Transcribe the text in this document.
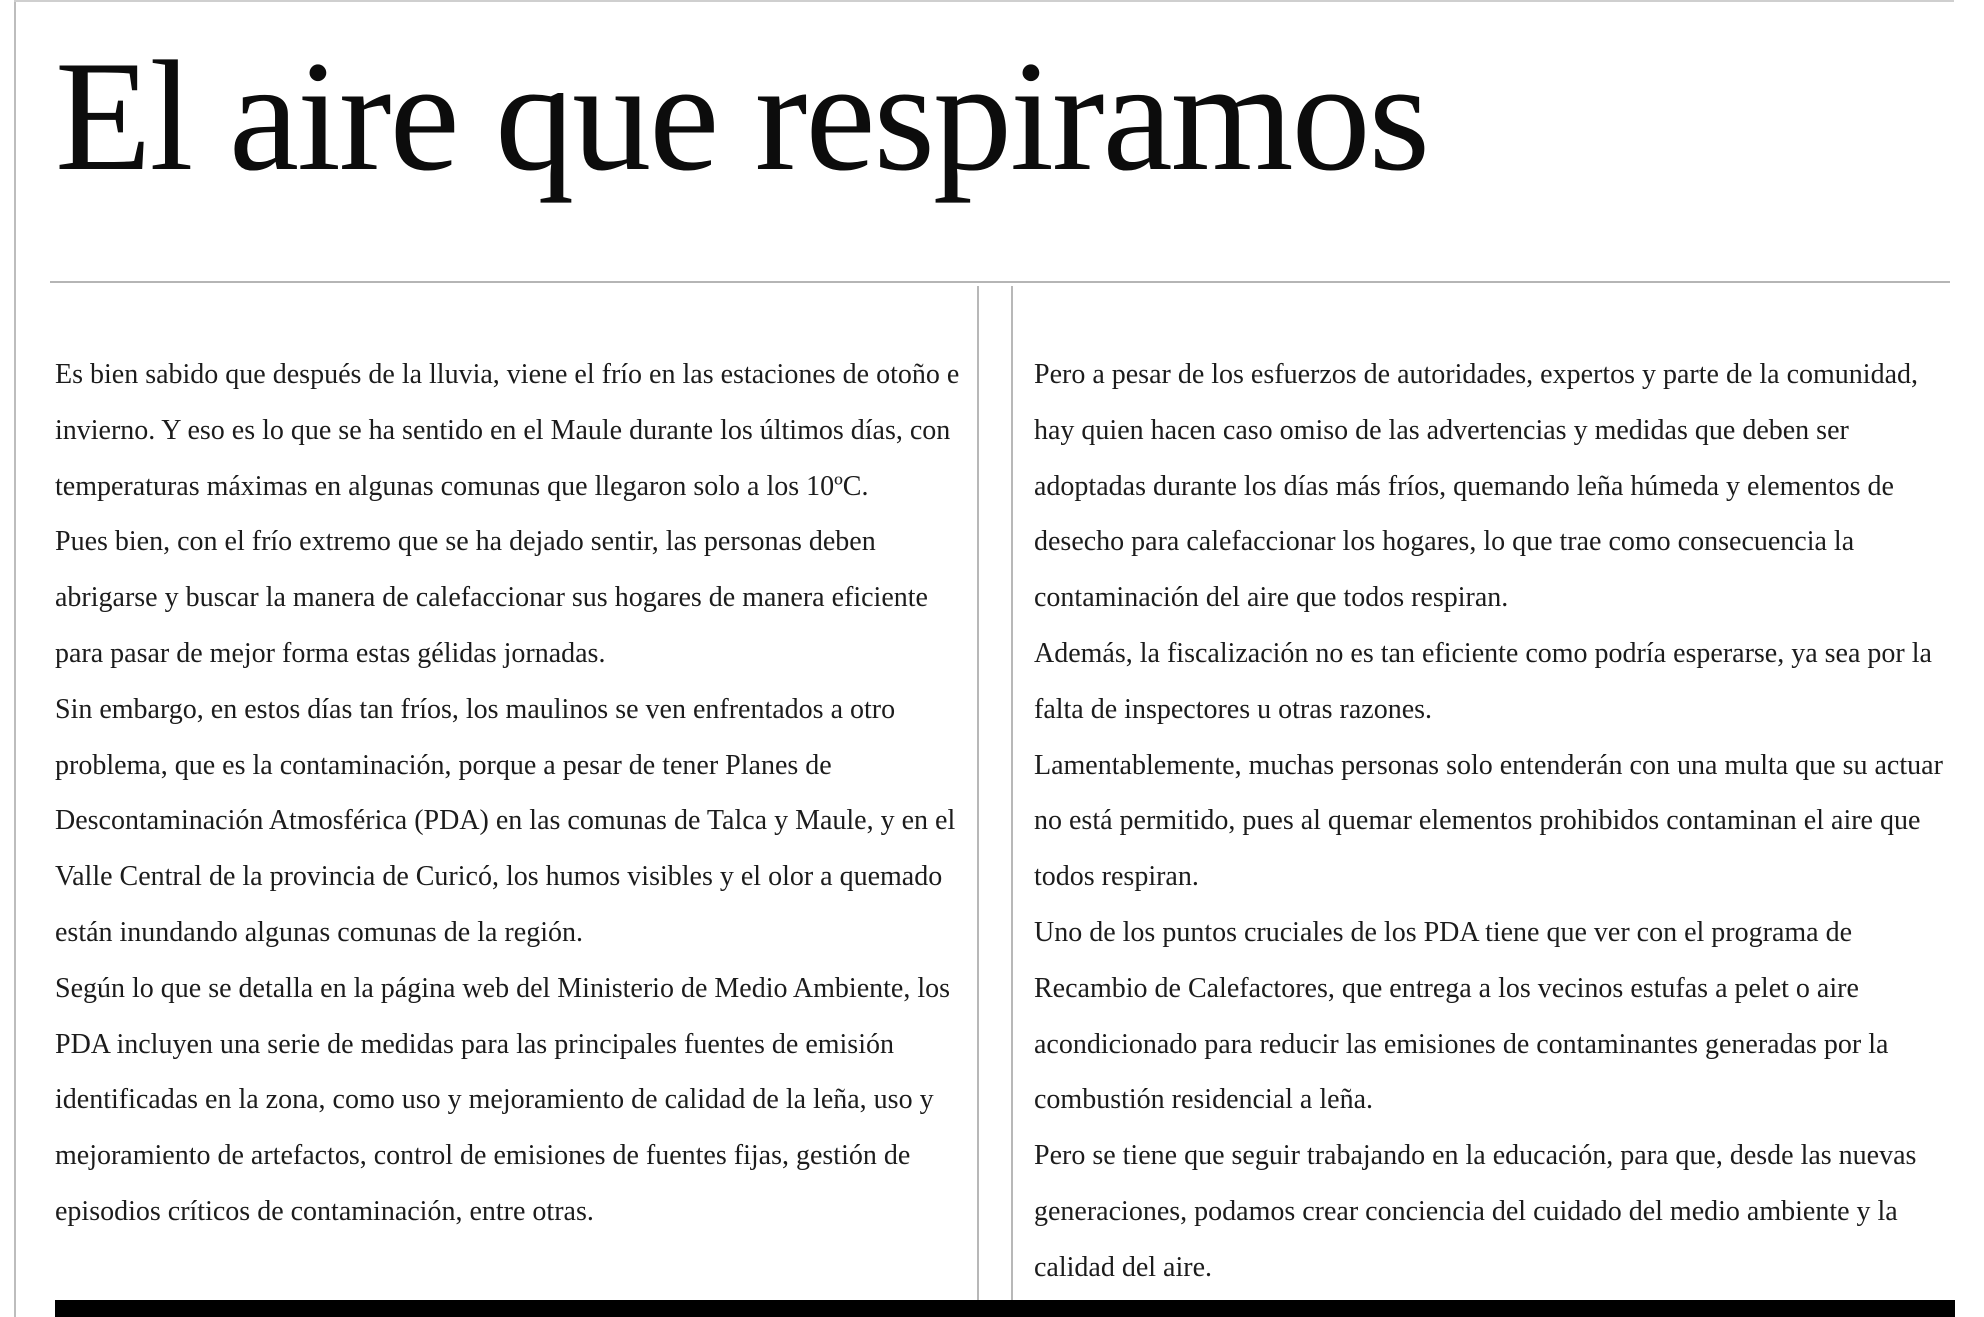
El aire que respiramos

Es bien sabido que después de la lluvia, viene el frío en las estaciones de otoño e invierno. Y eso es lo que se ha sentido en el Maule durante los últimos días, con temperaturas máximas en algunas comunas que llegaron solo a los 10ºC.

Pues bien, con el frío extremo que se ha dejado sentir, las personas deben abrigarse y buscar la manera de calefaccionar sus hogares de manera eficiente para pasar de mejor forma estas gélidas jornadas.

Sin embargo, en estos días tan fríos, los maulinos se ven enfrentados a otro problema, que es la contaminación, porque a pesar de tener Planes de Descontaminación Atmosférica (PDA) en las comunas de Talca y Maule, y en el Valle Central de la provincia de Curicó, los humos visibles y el olor a quemado están inundando algunas comunas de la región.

Según lo que se detalla en la página web del Ministerio de Medio Ambiente, los PDA incluyen una serie de medidas para las principales fuentes de emisión identificadas en la zona, como uso y mejoramiento de calidad de la leña, uso y mejoramiento de artefactos, control de emisiones de fuentes fijas, gestión de episodios críticos de contaminación, entre otras.

Pero a pesar de los esfuerzos de autoridades, expertos y parte de la comunidad, hay quien hacen caso omiso de las advertencias y medidas que deben ser adoptadas durante los días más fríos, quemando leña húmeda y elementos de desecho para calefaccionar los hogares, lo que trae como consecuencia la contaminación del aire que todos respiran.

Además, la fiscalización no es tan eficiente como podría esperarse, ya sea por la falta de inspectores u otras razones.

Lamentablemente, muchas personas solo entenderán con una multa que su actuar no está permitido, pues al quemar elementos prohibidos contaminan el aire que todos respiran.

Uno de los puntos cruciales de los PDA tiene que ver con el programa de Recambio de Calefactores, que entrega a los vecinos estufas a pelet o aire acondicionado para reducir las emisiones de contaminantes generadas por la combustión residencial a leña.

Pero se tiene que seguir trabajando en la educación, para que, desde las nuevas generaciones, podamos crear conciencia del cuidado del medio ambiente y la calidad del aire.
